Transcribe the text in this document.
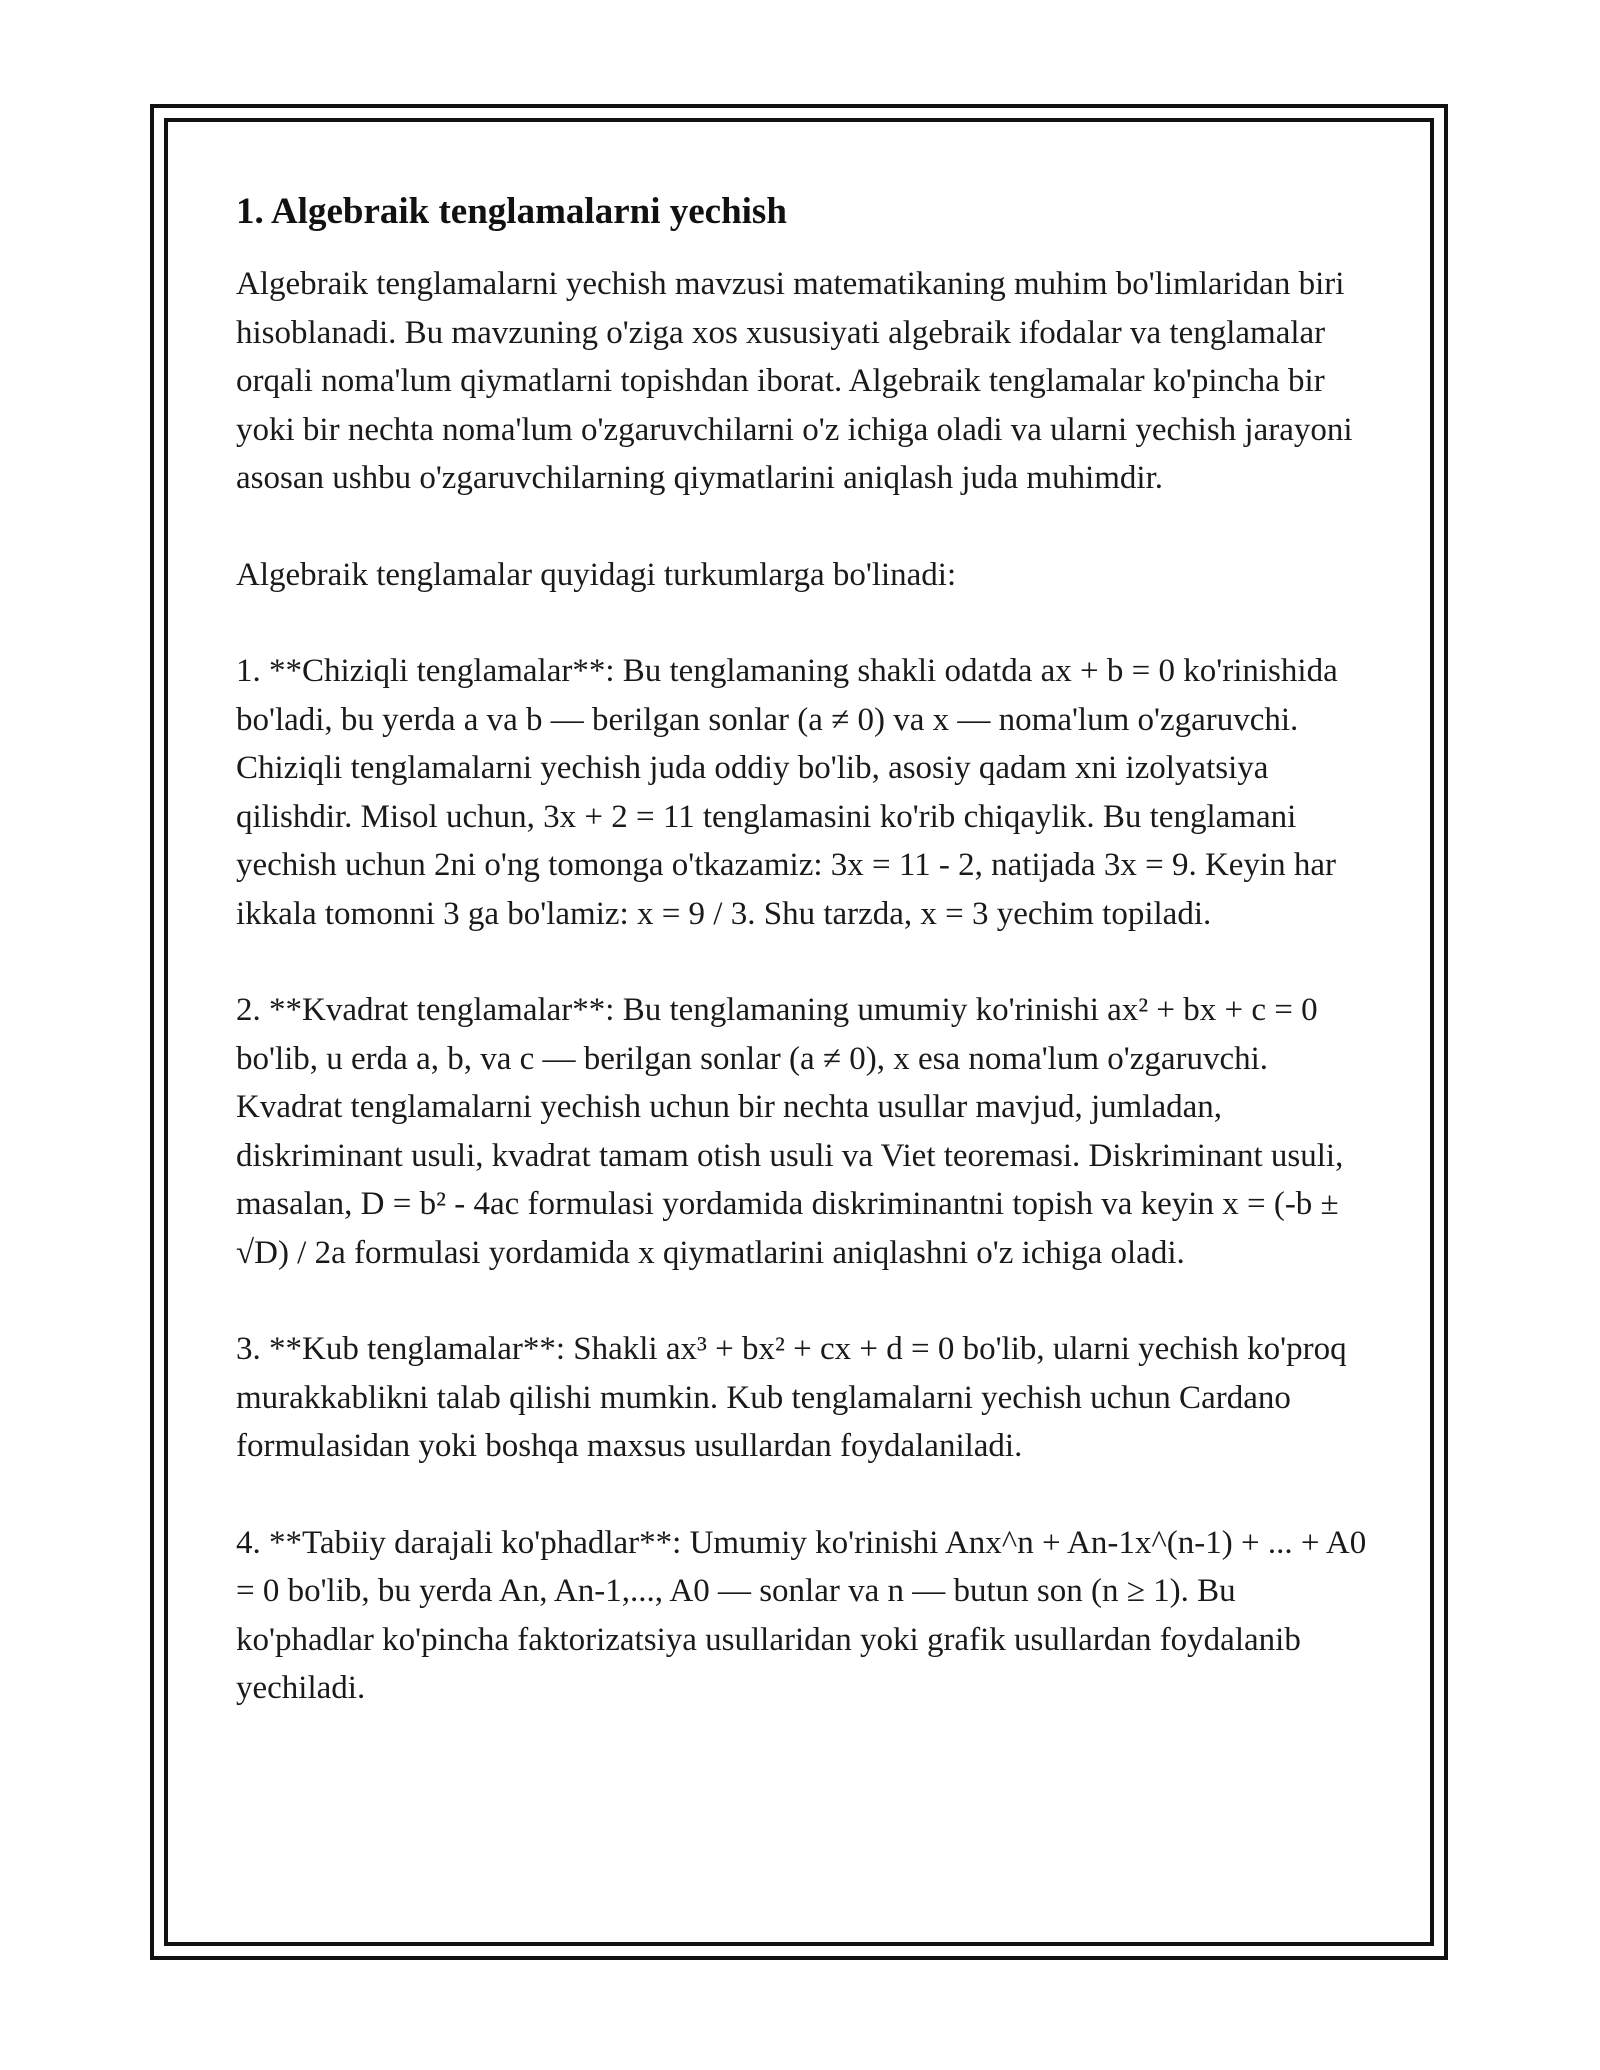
1. Algebraik tenglamalarni yechish

Algebraik tenglamalarni yechish mavzusi matematikaning muhim bo'limlaridan biri hisoblanadi. Bu mavzuning o'ziga xos xususiyati algebraik ifodalar va tenglamalar orqali noma'lum qiymatlarni topishdan iborat. Algebraik tenglamalar ko'pincha bir yoki bir nechta noma'lum o'zgaruvchilarni o'z ichiga oladi va ularni yechish jarayoni asosan ushbu o'zgaruvchilarning qiymatlarini aniqlash juda muhimdir.

Algebraik tenglamalar quyidagi turkumlarga bo'linadi:

1. **Chiziqli tenglamalar**: Bu tenglamaning shakli odatda ax + b = 0 ko'rinishida bo'ladi, bu yerda a va b — berilgan sonlar (a ≠ 0) va x — noma'lum o'zgaruvchi. Chiziqli tenglamalarni yechish juda oddiy bo'lib, asosiy qadam xni izolyatsiya qilishdir. Misol uchun, 3x + 2 = 11 tenglamasini ko'rib chiqaylik. Bu tenglamani yechish uchun 2ni o'ng tomonga o'tkazamiz: 3x = 11 - 2, natijada 3x = 9. Keyin har ikkala tomonni 3 ga bo'lamiz: x = 9 / 3. Shu tarzda, x = 3 yechim topiladi.

2. **Kvadrat tenglamalar**: Bu tenglamaning umumiy ko'rinishi ax² + bx + c = 0 bo'lib, u erda a, b, va c — berilgan sonlar (a ≠ 0), x esa noma'lum o'zgaruvchi. Kvadrat tenglamalarni yechish uchun bir nechta usullar mavjud, jumladan, diskriminant usuli, kvadrat tamam otish usuli va Viet teoremasi. Diskriminant usuli, masalan, D = b² - 4ac formulasi yordamida diskriminantni topish va keyin x = (-b ± √D) / 2a formulasi yordamida x qiymatlarini aniqlashni o'z ichiga oladi.

3. **Kub tenglamalar**: Shakli ax³ + bx² + cx + d = 0 bo'lib, ularni yechish ko'proq murakkablikni talab qilishi mumkin. Kub tenglamalarni yechish uchun Cardano formulasidan yoki boshqa maxsus usullardan foydalaniladi.

4. **Tabiiy darajali ko'phadlar**: Umumiy ko'rinishi Anx^n + An-1x^(n-1) + ... + A0 = 0 bo'lib, bu yerda An, An-1,..., A0 — sonlar va n — butun son (n ≥ 1). Bu ko'phadlar ko'pincha faktorizatsiya usullaridan yoki grafik usullardan foydalanib yechiladi.
